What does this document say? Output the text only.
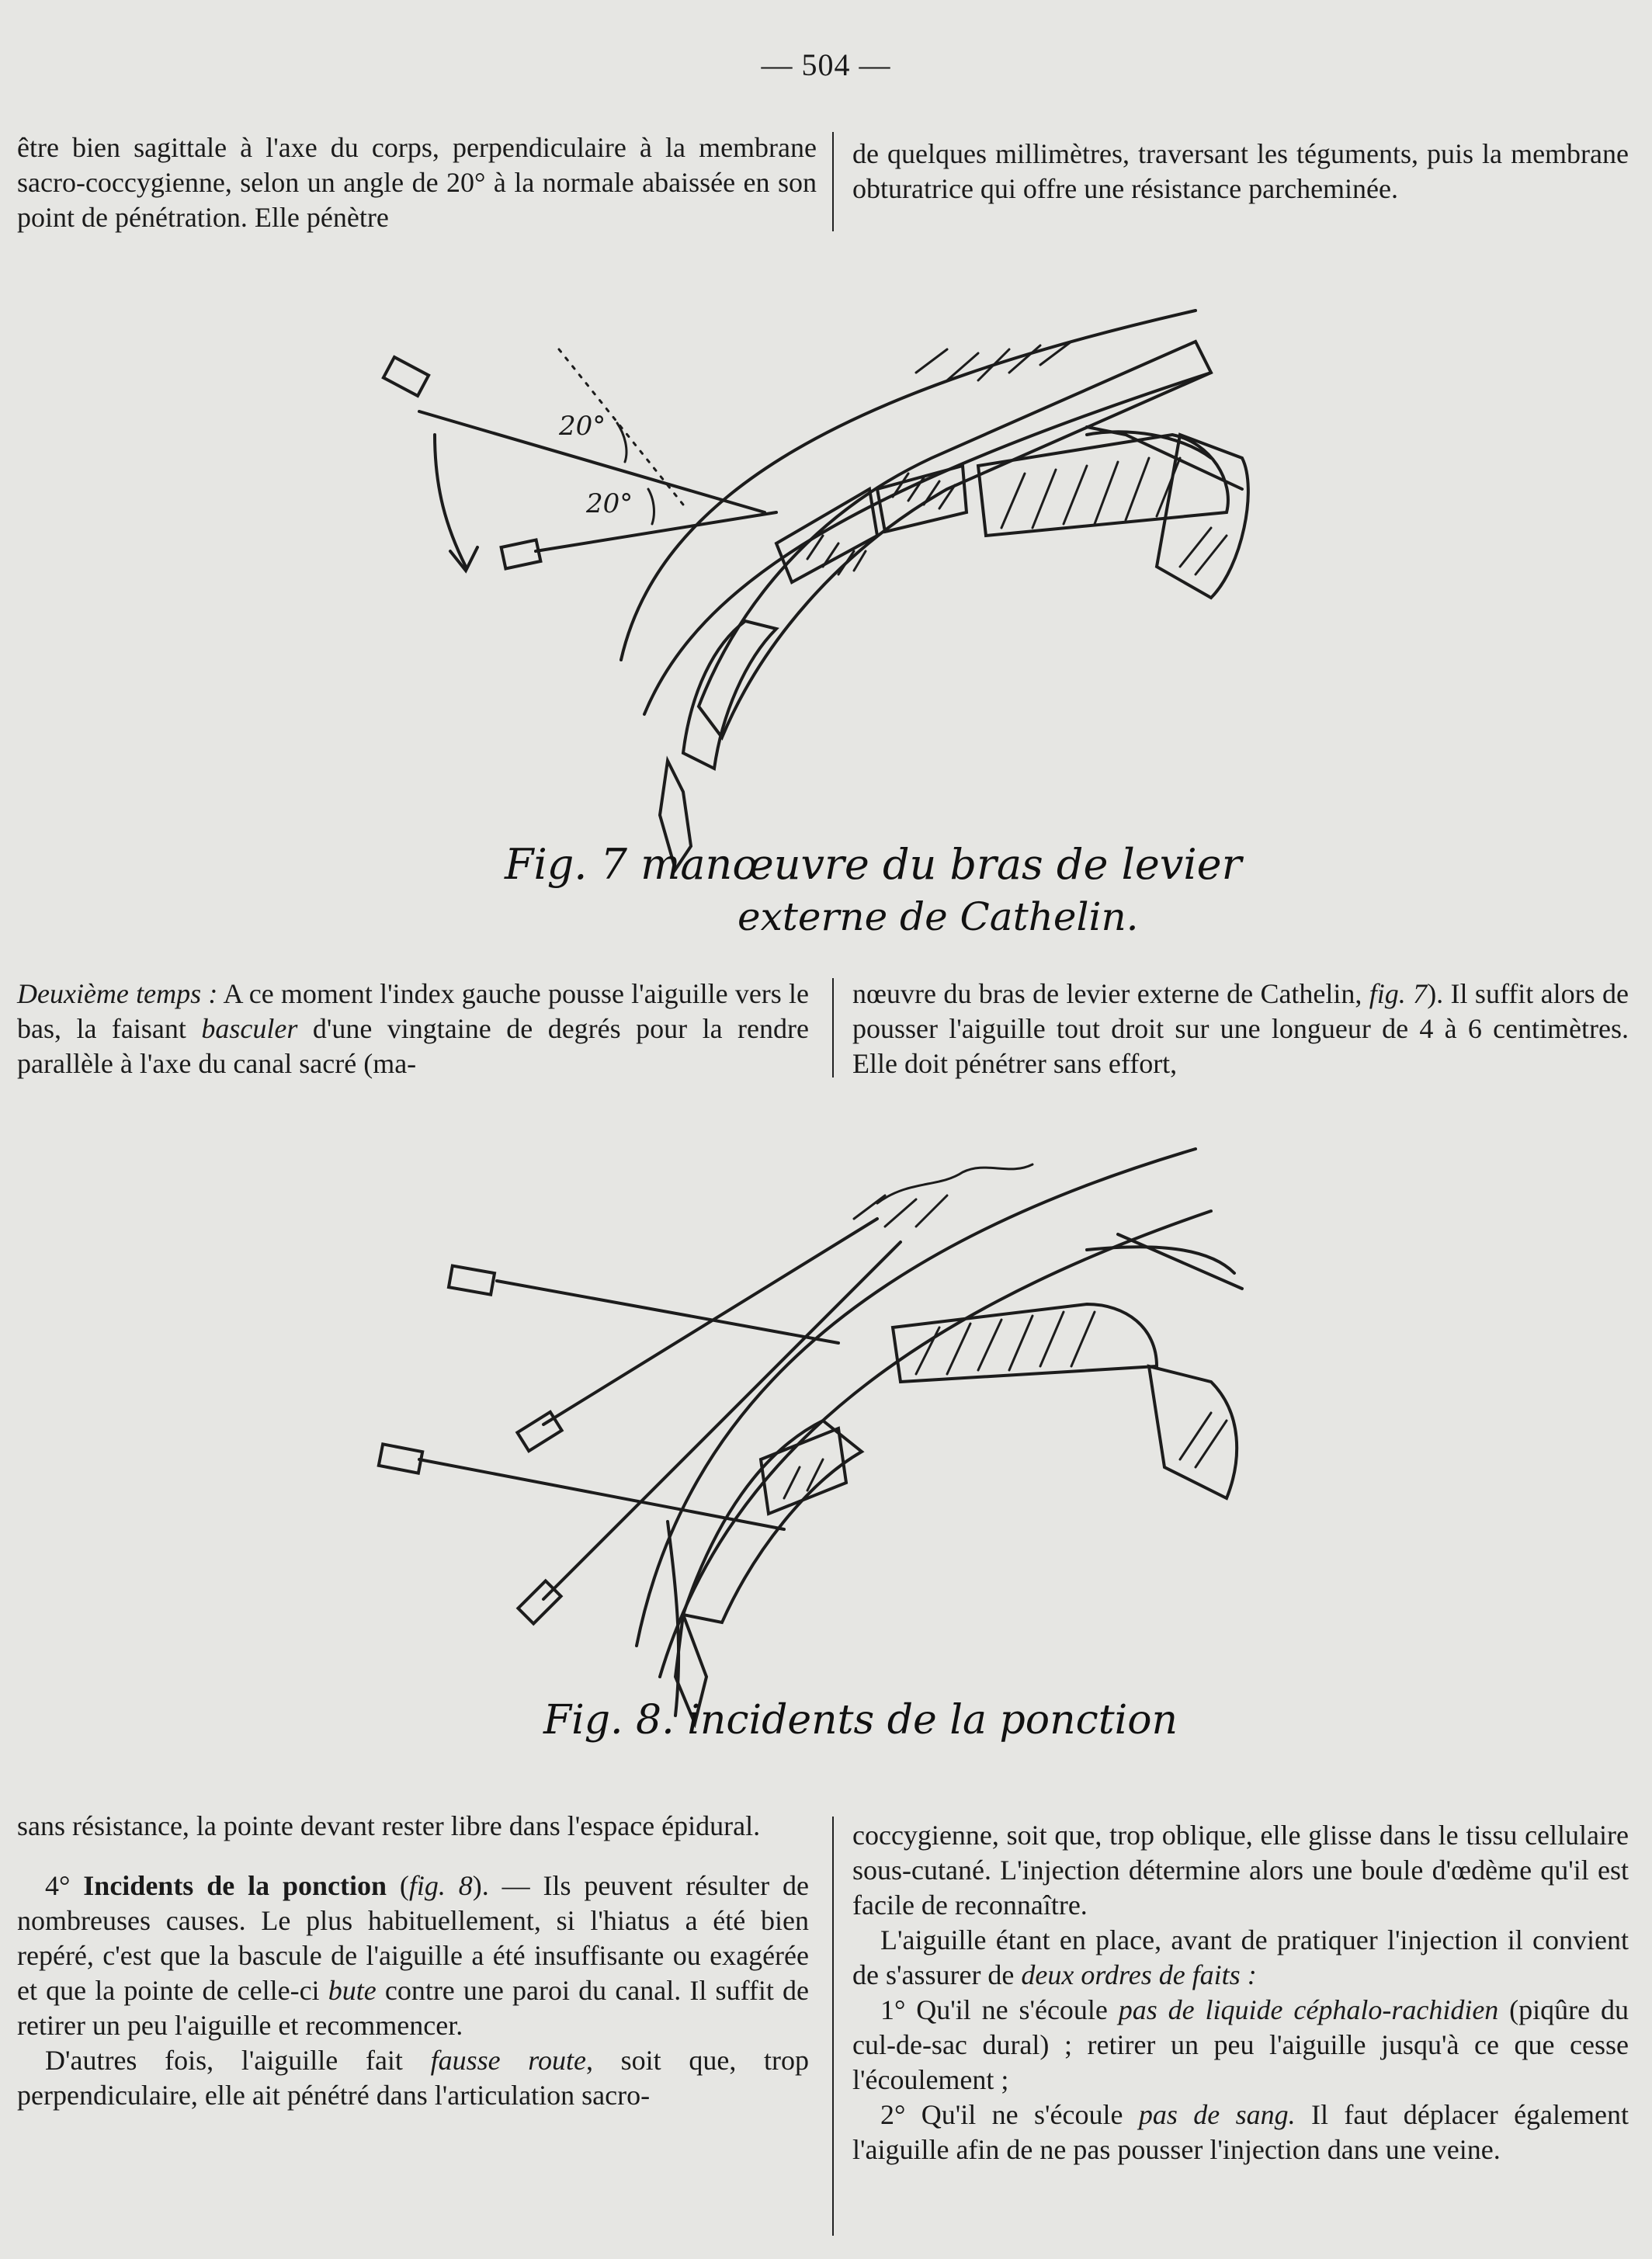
— 504 —

être bien sagittale à l'axe du corps, perpendiculaire à la membrane sacro-coccygienne, selon un angle de 20° à la normale abaissée en son point de pénétration. Elle pénètre

de quelques millimètres, traversant les téguments, puis la membrane obturatrice qui offre une résistance parcheminée.

20°
20°
Fig. 7 manœuvre du bras de levier
externe de Cathelin.

Deuxième temps : A ce moment l'index gauche pousse l'aiguille vers le bas, la faisant basculer d'une vingtaine de degrés pour la rendre parallèle à l'axe du canal sacré (ma-

nœuvre du bras de levier externe de Cathelin, fig. 7). Il suffit alors de pousser l'aiguille tout droit sur une longueur de 4 à 6 centimètres. Elle doit pénétrer sans effort,

Fig. 8. incidents de la ponction

sans résistance, la pointe devant rester libre dans l'espace épidural.

4° Incidents de la ponction (fig. 8). — Ils peuvent résulter de nombreuses causes. Le plus habituellement, si l'hiatus a été bien repéré, c'est que la bascule de l'aiguille a été insuffisante ou exagérée et que la pointe de celle-ci bute contre une paroi du canal. Il suffit de retirer un peu l'aiguille et recommencer.

D'autres fois, l'aiguille fait fausse route, soit que, trop perpendiculaire, elle ait pénétré dans l'articulation sacro-

coccygienne, soit que, trop oblique, elle glisse dans le tissu cellulaire sous-cutané. L'injection détermine alors une boule d'œdème qu'il est facile de reconnaître.

L'aiguille étant en place, avant de pratiquer l'injection il convient de s'assurer de deux ordres de faits :

1° Qu'il ne s'écoule pas de liquide céphalo-rachidien (piqûre du cul-de-sac dural) ; retirer un peu l'aiguille jusqu'à ce que cesse l'écoulement ;

2° Qu'il ne s'écoule pas de sang. Il faut déplacer également l'aiguille afin de ne pas pousser l'injection dans une veine.
